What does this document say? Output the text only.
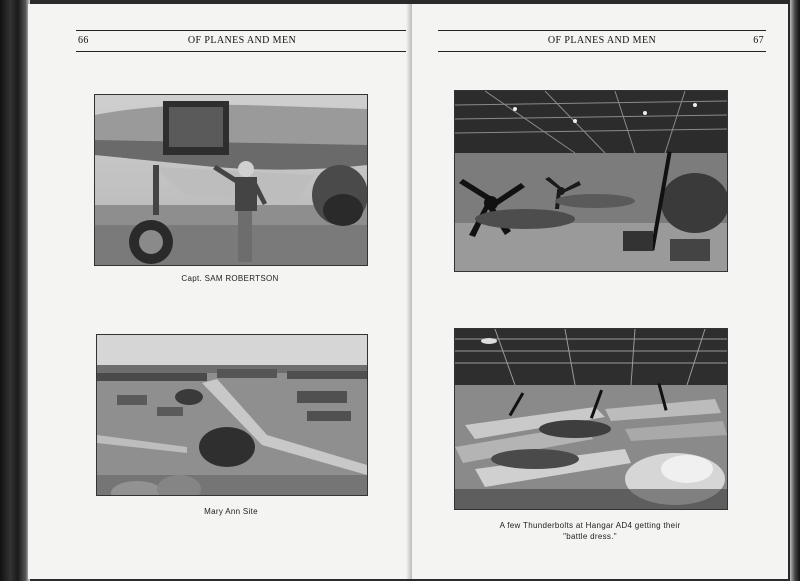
66	OF PLANES AND MEN
Capt. SAM ROBERTSON
Mary Ann Site
OF PLANES AND MEN	67
A few Thunderbolts at Hangar AD4 getting their
"battle dress."
